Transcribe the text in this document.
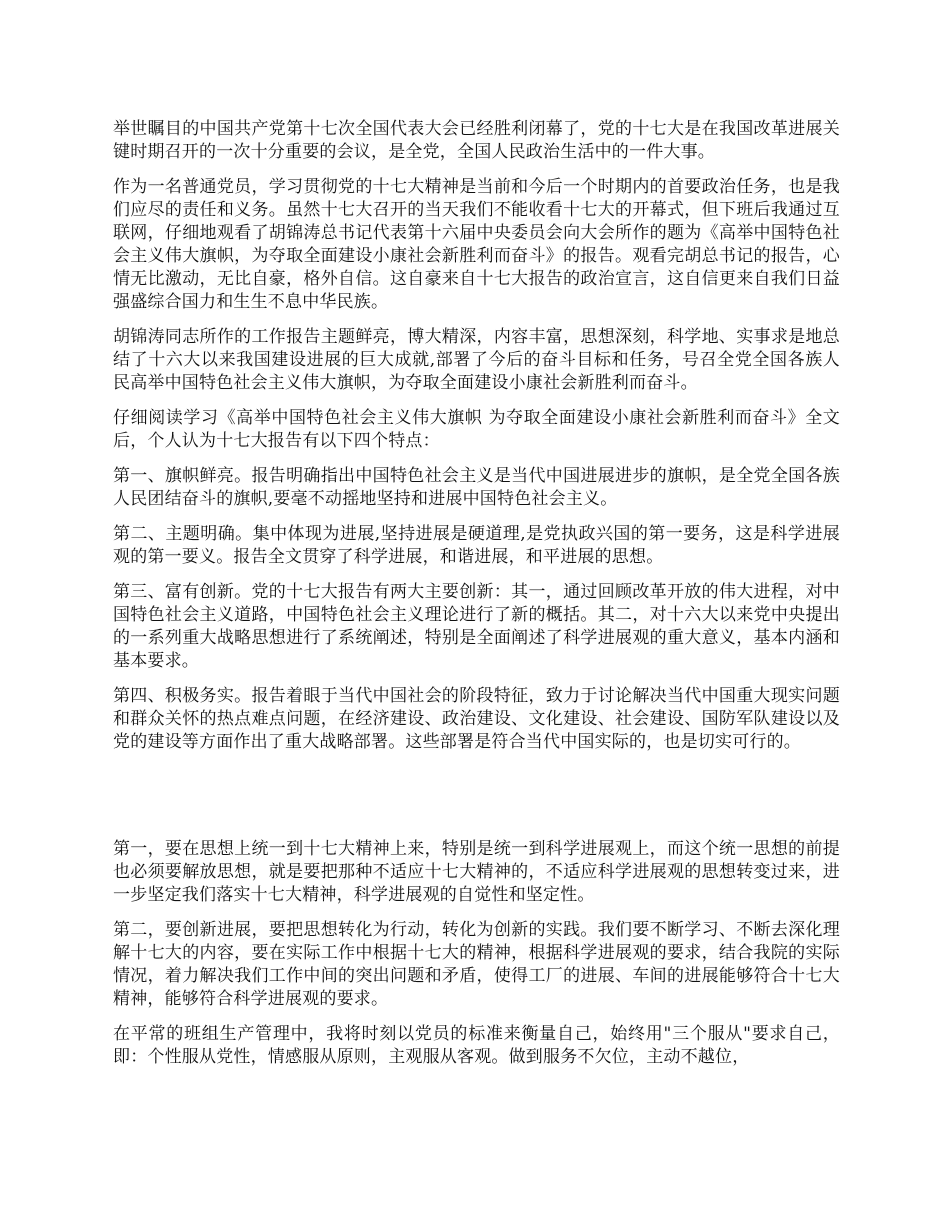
举世瞩目的中国共产党第十七次全国代表大会已经胜利闭幕了，党的十七大是在我国改革进展关键时期召开的一次十分重要的会议，是全党，全国人民政治生活中的一件大事。

作为一名普通党员，学习贯彻党的十七大精神是当前和今后一个时期内的首要政治任务，也是我们应尽的责任和义务。虽然十七大召开的当天我们不能收看十七大的开幕式，但下班后我通过互联网，仔细地观看了胡锦涛总书记代表第十六届中央委员会向大会所作的题为《高举中国特色社会主义伟大旗帜，为夺取全面建设小康社会新胜利而奋斗》的报告。观看完胡总书记的报告，心情无比激动，无比自豪，格外自信。这自豪来自十七大报告的政治宣言，这自信更来自我们日益强盛综合国力和生生不息中华民族。

胡锦涛同志所作的工作报告主题鲜亮，博大精深，内容丰富，思想深刻，科学地、实事求是地总结了十六大以来我国建设进展的巨大成就,部署了今后的奋斗目标和任务，号召全党全国各族人民高举中国特色社会主义伟大旗帜，为夺取全面建设小康社会新胜利而奋斗。

仔细阅读学习《高举中国特色社会主义伟大旗帜 为夺取全面建设小康社会新胜利而奋斗》全文后，个人认为十七大报告有以下四个特点：

第一、旗帜鲜亮。报告明确指出中国特色社会主义是当代中国进展进步的旗帜，是全党全国各族人民团结奋斗的旗帜,要毫不动摇地坚持和进展中国特色社会主义。

第二、主题明确。集中体现为进展,坚持进展是硬道理,是党执政兴国的第一要务，这是科学进展观的第一要义。报告全文贯穿了科学进展，和谐进展，和平进展的思想。

第三、富有创新。党的十七大报告有两大主要创新：其一，通过回顾改革开放的伟大进程，对中国特色社会主义道路，中国特色社会主义理论进行了新的概括。其二，对十六大以来党中央提出的一系列重大战略思想进行了系统阐述，特别是全面阐述了科学进展观的重大意义，基本内涵和基本要求。

第四、积极务实。报告着眼于当代中国社会的阶段特征，致力于讨论解决当代中国重大现实问题和群众关怀的热点难点问题，在经济建设、政治建设、文化建设、社会建设、国防军队建设以及党的建设等方面作出了重大战略部署。这些部署是符合当代中国实际的，也是切实可行的。

第一，要在思想上统一到十七大精神上来，特别是统一到科学进展观上，而这个统一思想的前提也必须要解放思想，就是要把那种不适应十七大精神的，不适应科学进展观的思想转变过来，进一步坚定我们落实十七大精神，科学进展观的自觉性和坚定性。

第二，要创新进展，要把思想转化为行动，转化为创新的实践。我们要不断学习、不断去深化理解十七大的内容，要在实际工作中根据十七大的精神，根据科学进展观的要求，结合我院的实际情况，着力解决我们工作中间的突出问题和矛盾，使得工厂的进展、车间的进展能够符合十七大精神，能够符合科学进展观的要求。

在平常的班组生产管理中，我将时刻以党员的标准来衡量自己，始终用"三个服从"要求自己，即：个性服从党性，情感服从原则，主观服从客观。做到服务不欠位，主动不越位，
